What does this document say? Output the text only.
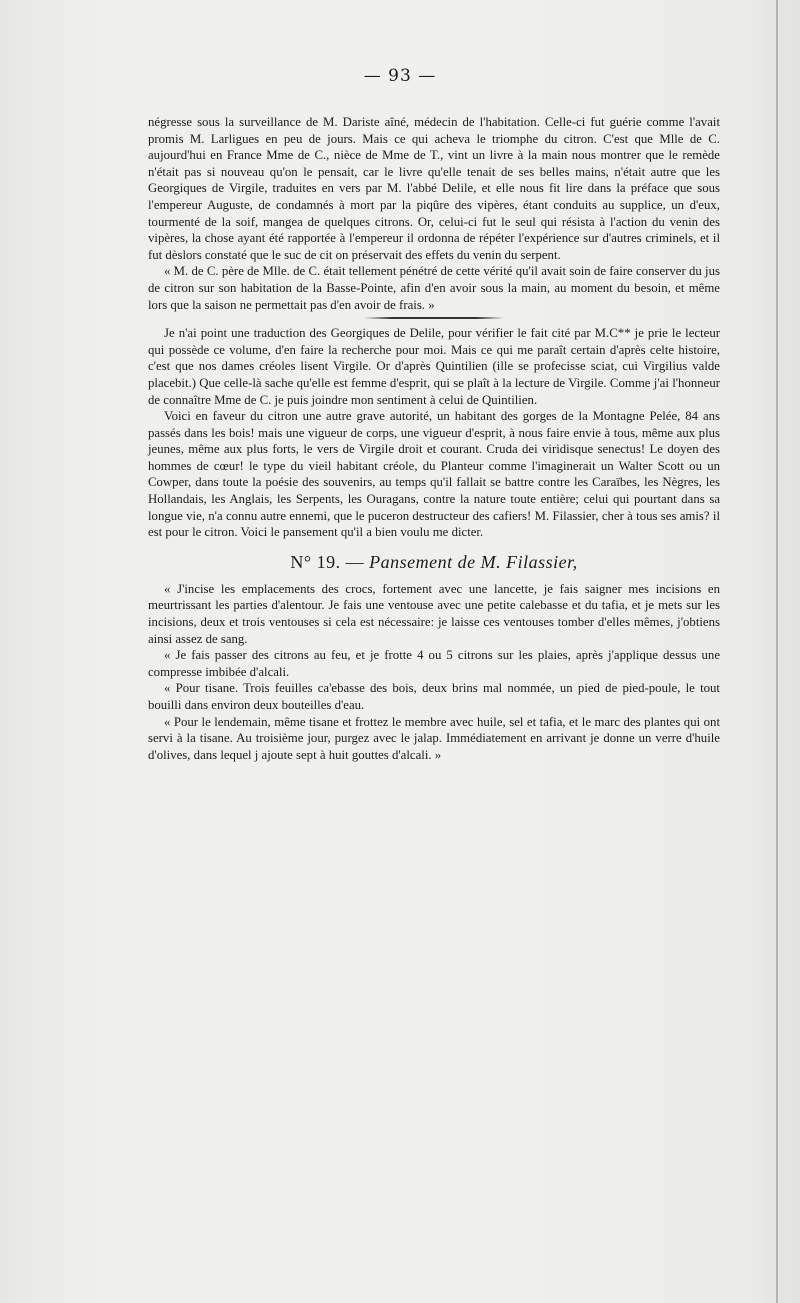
— 93 —

négresse sous la surveillance de M. Dariste aîné, médecin de l'habitation. Celle-ci fut guérie comme l'avait promis M. Larligues en peu de jours. Mais ce qui acheva le triomphe du citron. C'est que Mlle de C. aujourd'hui en France Mme de C., nièce de Mme de T., vint un livre à la main nous montrer que le remède n'était pas si nouveau qu'on le pensait, car le livre qu'elle tenait de ses belles mains, n'était autre que les Georgiques de Virgile, traduites en vers par M. l'abbé Delile, et elle nous fit lire dans la préface que sous l'empereur Auguste, de condamnés à mort par la piqûre des vipères, étant conduits au supplice, un d'eux, tourmenté de la soif, mangea de quelques citrons. Or, celui-ci fut le seul qui résista à l'action du venin des vipères, la chose ayant été rapportée à l'empereur il ordonna de répéter l'expérience sur d'autres criminels, et il fut dèslors constaté que le suc de cit on préservait des effets du venin du serpent.

« M. de C. père de Mlle. de C. était tellement pénétré de cette vérité qu'il avait soin de faire conserver du jus de citron sur son habitation de la Basse-Pointe, afin d'en avoir sous la main, au moment du besoin, et même lors que la saison ne permettait pas d'en avoir de frais. »

Je n'ai point une traduction des Georgiques de Delile, pour vérifier le fait cité par M.C** je prie le lecteur qui possède ce volume, d'en faire la recherche pour moi. Mais ce qui me paraît certain d'après celte histoire, c'est que nos dames créoles lisent Virgile. Or d'après Quintilien (ille se profecisse sciat, cui Virgilius valde placebit.) Que celle-là sache qu'elle est femme d'esprit, qui se plaît à la lecture de Virgile. Comme j'ai l'honneur de connaître Mme de C. je puis joindre mon sentiment à celui de Quintilien.

Voici en faveur du citron une autre grave autorité, un habitant des gorges de la Montagne Pelée, 84 ans passés dans les bois! mais une vigueur de corps, une vigueur d'esprit, à nous faire envie à tous, même aux plus jeunes, même aux plus forts, le vers de Virgile droit et courant. Cruda dei viridisque senectus! Le doyen des hommes de cœur! le type du vieil habitant créole, du Planteur comme l'imaginerait un Walter Scott ou un Cowper, dans toute la poésie des souvenirs, au temps qu'il fallait se battre contre les Caraïbes, les Nègres, les Hollandais, les Anglais, les Serpents, les Ouragans, contre la nature toute entière; celui qui pourtant dans sa longue vie, n'a connu autre ennemi, que le puceron destructeur des cafiers! M. Filassier, cher à tous ses amis? il est pour le citron. Voici le pansement qu'il a bien voulu me dicter.

N° 19. — Pansement de M. Filassier,

« J'incise les emplacements des crocs, fortement avec une lancette, je fais saigner mes incisions en meurtrissant les parties d'alentour. Je fais une ventouse avec une petite calebasse et du tafia, et je mets sur les incisions, deux et trois ventouses si cela est nécessaire: je laisse ces ventouses tomber d'elles mêmes, j'obtiens ainsi assez de sang.

« Je fais passer des citrons au feu, et je frotte 4 ou 5 citrons sur les plaies, après j'applique dessus une compresse imbibée d'alcali.

« Pour tisane. Trois feuilles ca'ebasse des bois, deux brins mal nommée, un pied de pied-poule, le tout bouilli dans environ deux bouteilles d'eau.

« Pour le lendemain, même tisane et frottez le membre avec huile, sel et tafia, et le marc des plantes qui ont servi à la tisane. Au troisième jour, purgez avec le jalap. Immédiatement en arrivant je donne un verre d'huile d'olives, dans lequel j ajoute sept à huit gouttes d'alcali. »
